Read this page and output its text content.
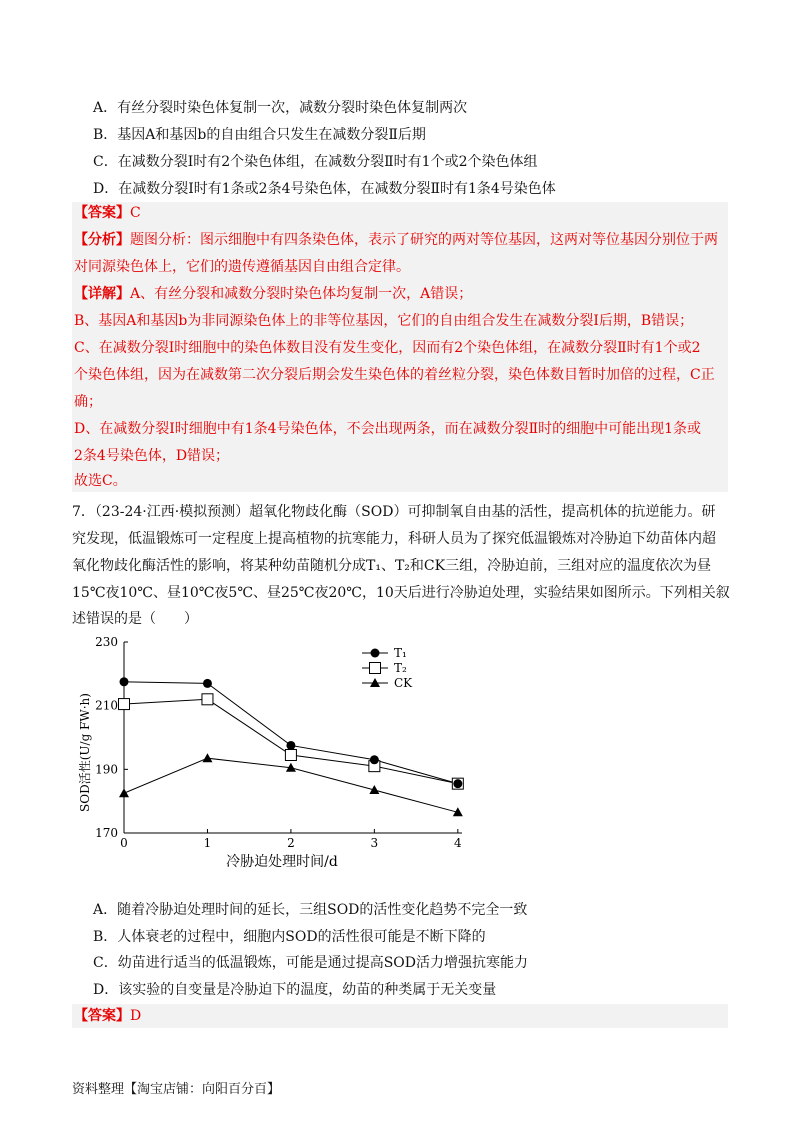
A．有丝分裂时染色体复制一次，减数分裂时染色体复制两次
B．基因A和基因b的自由组合只发生在减数分裂Ⅱ后期
C．在减数分裂Ⅰ时有2个染色体组，在减数分裂Ⅱ时有1个或2个染色体组
D．在减数分裂Ⅰ时有1条或2条4号染色体，在减数分裂Ⅱ时有1条4号染色体
【答案】C
【分析】题图分析：图示细胞中有四条染色体，表示了研究的两对等位基因，这两对等位基因分别位于两
对同源染色体上，它们的遗传遵循基因自由组合定律。
【详解】A、有丝分裂和减数分裂时染色体均复制一次，A错误；
B、基因A和基因b为非同源染色体上的非等位基因，它们的自由组合发生在减数分裂Ⅰ后期，B错误；
C、在减数分裂Ⅰ时细胞中的染色体数目没有发生变化，因而有2个染色体组，在减数分裂Ⅱ时有1个或2
个染色体组，因为在减数第二次分裂后期会发生染色体的着丝粒分裂，染色体数目暂时加倍的过程，C正
确；
D、在减数分裂Ⅰ时细胞中有1条4号染色体，不会出现两条，而在减数分裂Ⅱ时的细胞中可能出现1条或
2条4号染色体，D错误；
故选C。
7．（23-24·江西·模拟预测）超氧化物歧化酶（SOD）可抑制氧自由基的活性，提高机体的抗逆能力。研
究发现，低温锻炼可一定程度上提高植物的抗寒能力，科研人员为了探究低温锻炼对冷胁迫下幼苗体内超
氧化物歧化酶活性的影响，将某种幼苗随机分成T₁、T₂和CK三组，冷胁迫前，三组对应的温度依次为昼
15℃夜10℃、昼10℃夜5℃、昼25℃夜20℃，10天后进行冷胁迫处理，实验结果如图所示。下列相关叙
述错误的是（　　）
170
190
210
230
0	1	2	3	4
冷胁迫处理时间/d
SOD活性(U/g FW·h)
T₁
T₂
CK
A．随着冷胁迫处理时间的延长，三组SOD的活性变化趋势不完全一致
B．人体衰老的过程中，细胞内SOD的活性很可能是不断下降的
C．幼苗进行适当的低温锻炼，可能是通过提高SOD活力增强抗寒能力
D．该实验的自变量是冷胁迫下的温度，幼苗的种类属于无关变量
【答案】D
资料整理【淘宝店铺：向阳百分百】
